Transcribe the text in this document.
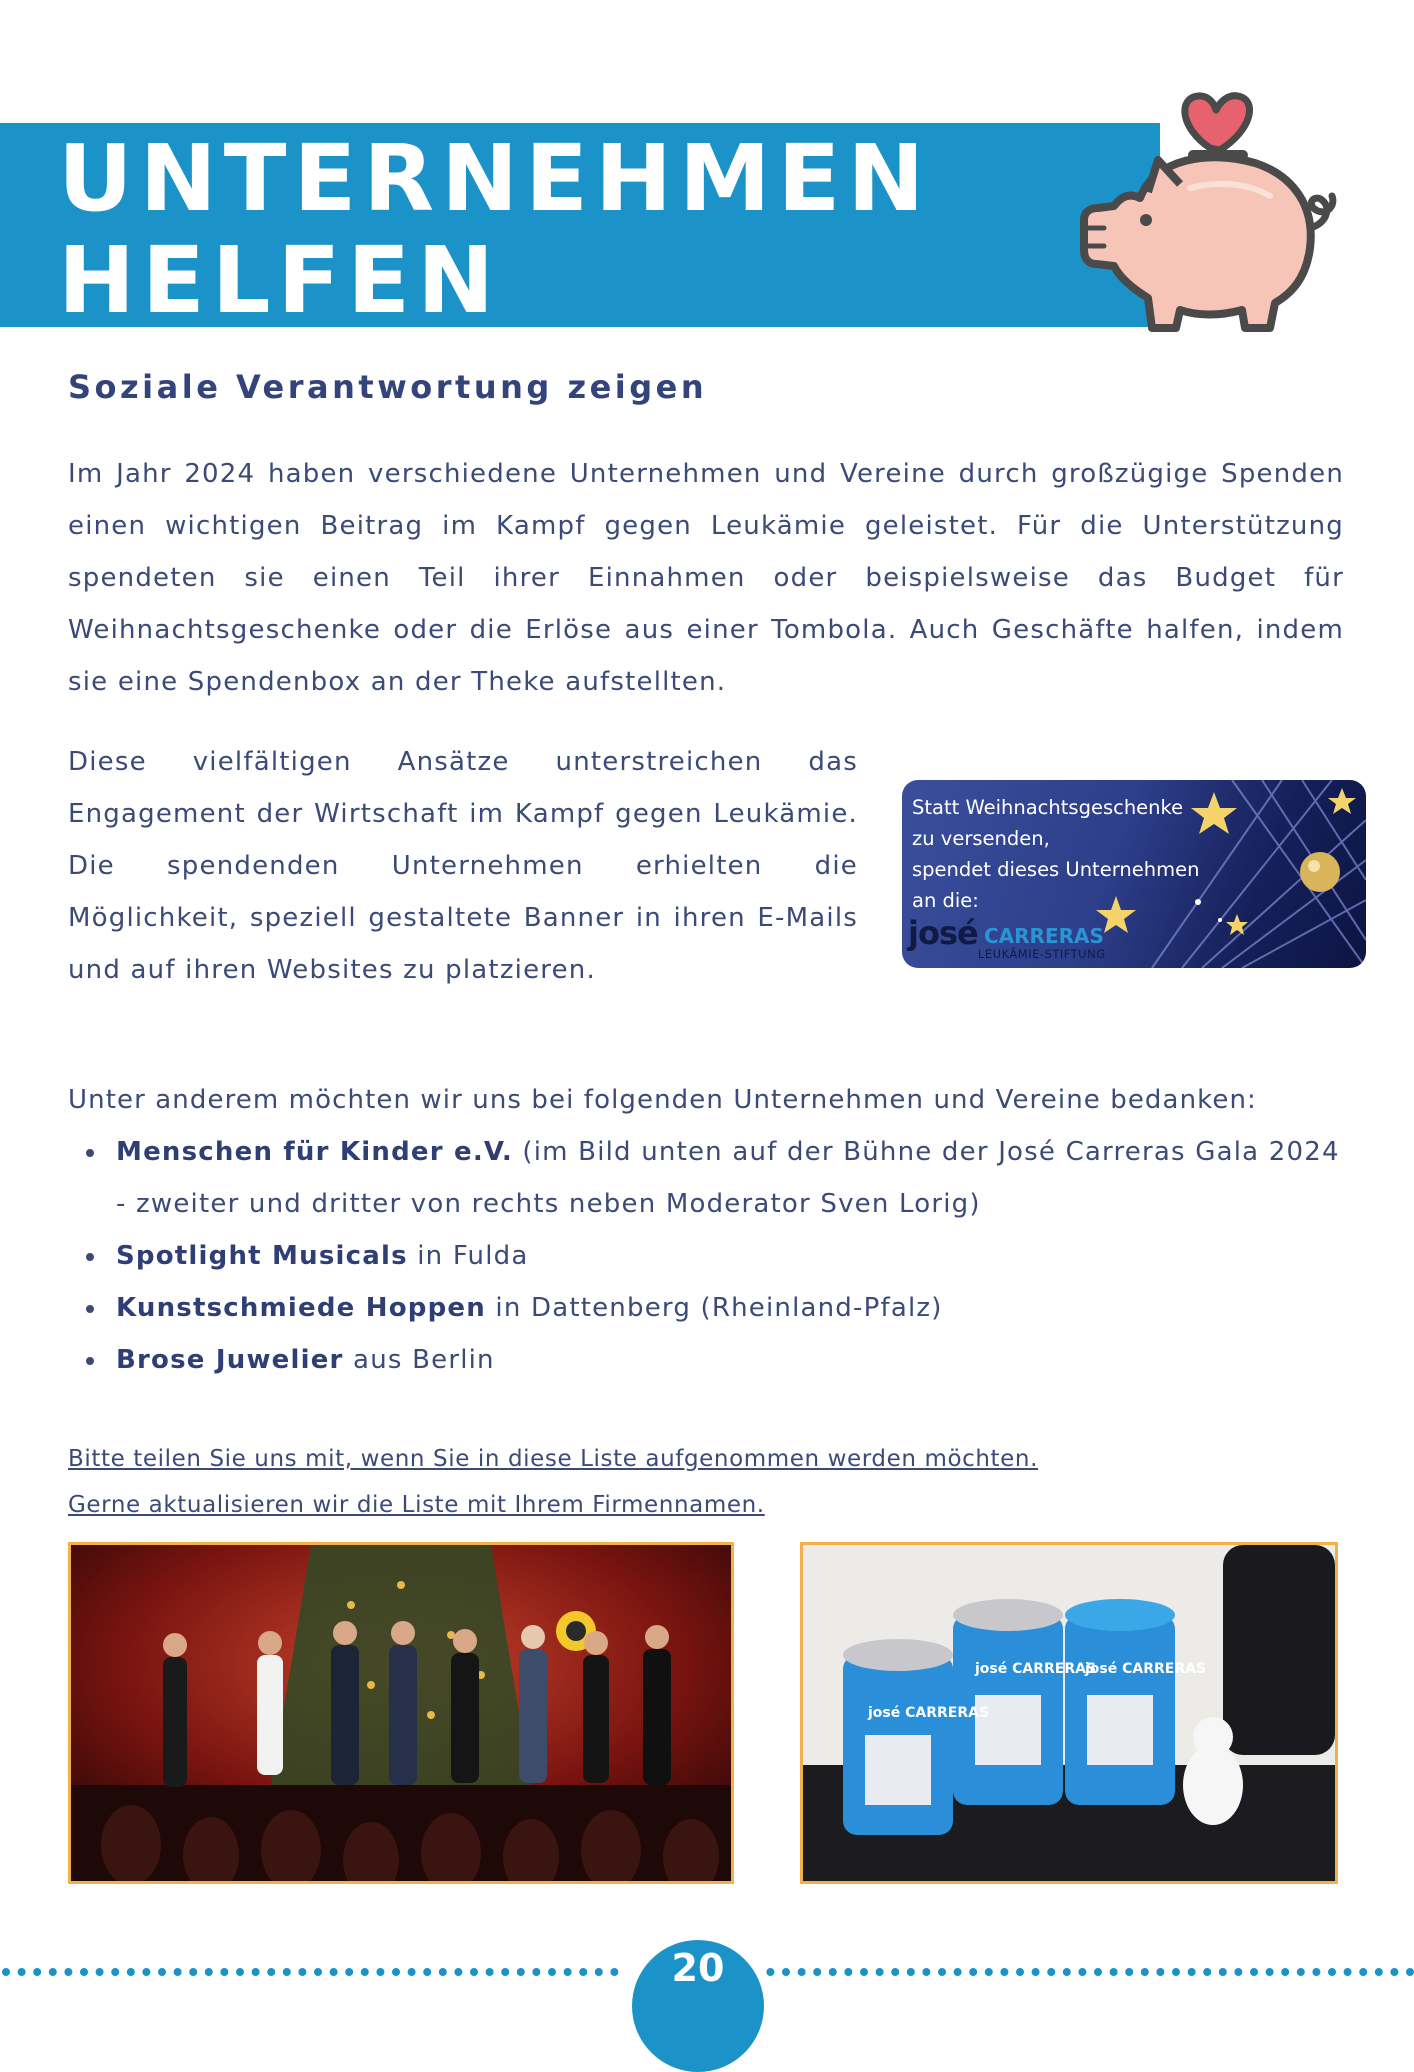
UNTERNEHMEN
HELFEN
Soziale Verantwortung zeigen

Im Jahr 2024 haben verschiedene Unternehmen und Vereine durch großzügige Spenden einen wichtigen Beitrag im Kampf gegen Leukämie geleistet. Für die Unterstützung spendeten sie einen Teil ihrer Einnahmen oder beispielsweise das Budget für Weihnachtsgeschenke oder die Erlöse aus einer Tombola. Auch Geschäfte halfen, indem sie eine Spendenbox an der Theke aufstellten.

Diese vielfältigen Ansätze unterstreichen das Engagement der Wirtschaft im Kampf gegen Leukämie. Die spendenden Unternehmen erhielten die Möglichkeit, speziell gestaltete Banner in ihren E-Mails und auf ihren Websites zu platzieren.

Statt Weihnachtsgeschenke
zu versenden,
spendet dieses Unternehmen
an die:
josé CARRERAS
LEUKÄMIE-STIFTUNG

Unter anderem möchten wir uns bei folgenden Unternehmen und Vereine bedanken:

Menschen für Kinder e.V. (im Bild unten auf der Bühne der José Carreras Gala 2024 - zweiter und dritter von rechts neben Moderator Sven Lorig)
Spotlight Musicals in Fulda
Kunstschmiede Hoppen in Dattenberg (Rheinland-Pfalz)
Brose Juwelier aus Berlin
Bitte teilen Sie uns mit, wenn Sie in diese Liste aufgenommen werden möchten.
Gerne aktualisieren wir die Liste mit Ihrem Firmennamen.
josé CARRERAS
josé CARRERAS
josé CARRERAS
20
